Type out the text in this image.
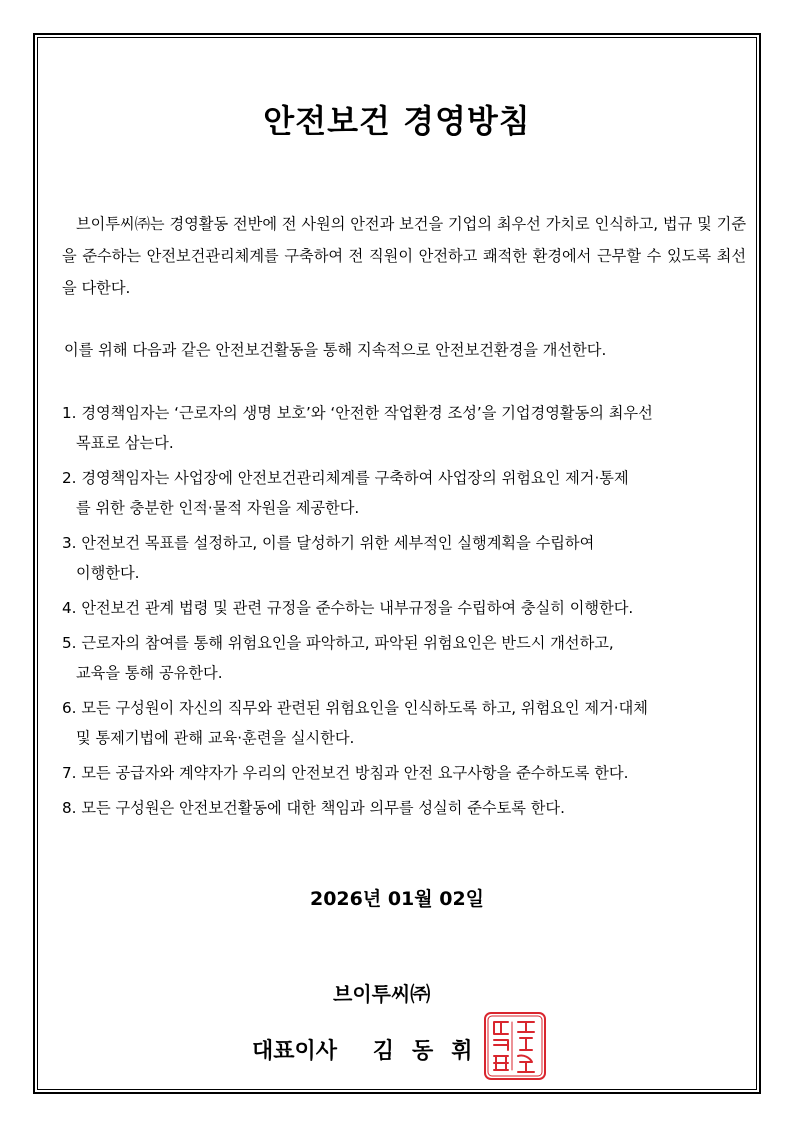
안전보건 경영방침

브이투씨㈜는 경영활동 전반에 전 사원의 안전과 보건을 기업의 최우선 가치로 인식하고, 법규 및 기준을 준수하는 안전보건관리체계를 구축하여 전 직원이 안전하고 쾌적한 환경에서 근무할 수 있도록 최선을 다한다.

이를 위해 다음과 같은 안전보건활동을 통해 지속적으로 안전보건환경을 개선한다.

1. 경영책임자는 ‘근로자의 생명 보호’와 ‘안전한 작업환경 조성’을 기업경영활동의 최우선
목표로 삼는다.
2. 경영책임자는 사업장에 안전보건관리체계를 구축하여 사업장의 위험요인 제거·통제
를 위한 충분한 인적·물적 자원을 제공한다.
3. 안전보건 목표를 설정하고, 이를 달성하기 위한 세부적인 실행계획을 수립하여
이행한다.
4. 안전보건 관계 법령 및 관련 규정을 준수하는 내부규정을 수립하여 충실히 이행한다.
5. 근로자의 참여를 통해 위험요인을 파악하고, 파악된 위험요인은 반드시 개선하고,
교육을 통해 공유한다.
6. 모든 구성원이 자신의 직무와 관련된 위험요인을 인식하도록 하고, 위험요인 제거·대체
및 통제기법에 관해 교육·훈련을 실시한다.
7. 모든 공급자와 계약자가 우리의 안전보건 방침과 안전 요구사항을 준수하도록 한다.
8. 모든 구성원은 안전보건활동에 대한 책임과 의무를 성실히 준수토록 한다.
2026년 01월 02일
브이투씨㈜
대표이사 김 동 휘
